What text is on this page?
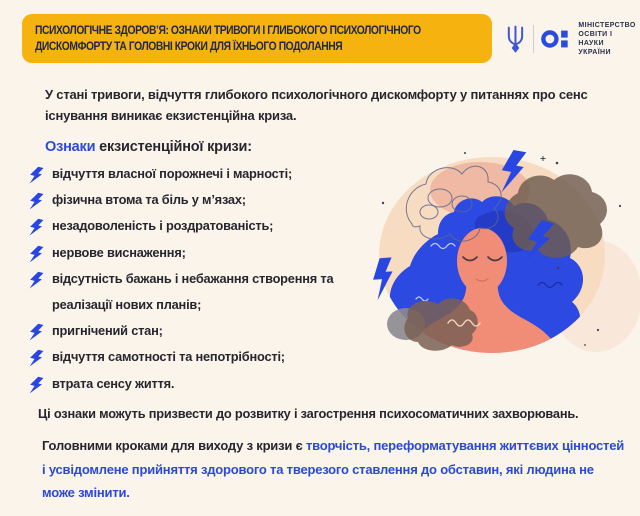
ПСИХОЛОГІЧНЕ ЗДОРОВ’Я: ОЗНАКИ ТРИВОГИ І ГЛИБОКОГО ПСИХОЛОГІЧНОГО
ДИСКОМФОРТУ ТА ГОЛОВНІ КРОКИ ДЛЯ ЇХНЬОГО ПОДОЛАННЯ
МІНІСТЕРСТВО
ОСВІТИ І НАУКИ
УКРАЇНИ
У стані тривоги, відчуття глибокого психологічного дискомфорту у питаннях про сенс існування виникає екзистенційна криза.
Ознаки екзистенційної кризи:
відчуття власної порожнечі і марності;
фізична втома та біль у м’язах;
незадоволеність і роздратованість;
нервове виснаження;
відсутність бажань і небажання створення та реалізації нових планів;
пригнічений стан;
відчуття самотності та непотрібності;
втрата сенсу життя.
Ці ознаки можуть призвести до розвитку і загострення психосоматичних захворювань.
Головними кроками для виходу з кризи є творчість, переформатування життєвих цінностей і усвідомлене прийняття здорового та тверезого ставлення до обставин, які людина не може змінити.
